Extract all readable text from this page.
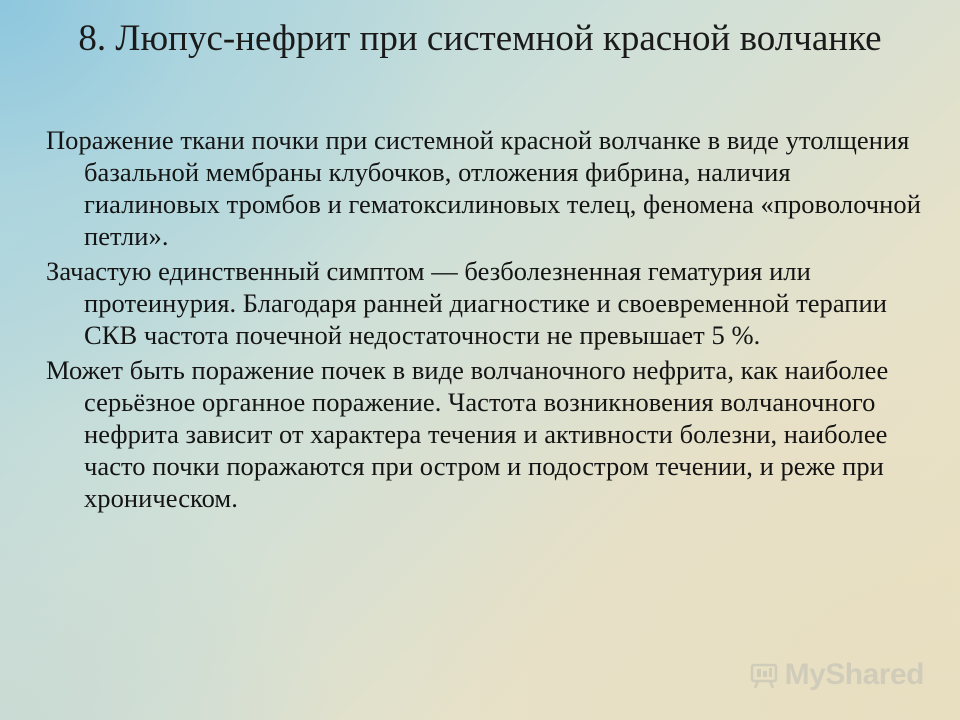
8. Люпус-нефрит при системной красной волчанке

Поражение ткани почки при системной красной волчанке в виде утолщения базальной мембраны клубочков, отложения фибрина, наличия гиалиновых тромбов и гематоксилиновых телец, феномена «проволочной петли».

Зачастую единственный симптом — безболезненная гематурия или протеинурия. Благодаря ранней диагностике и своевременной терапии СКВ частота почечной недостаточности не превышает 5 %.

Может быть поражение почек в виде волчаночного нефрита, как наиболее серьёзное органное поражение. Частота возникновения волчаночного нефрита зависит от характера течения и активности болезни, наиболее часто почки поражаются при остром и подостром течении, и реже при хроническом.

MyShared
